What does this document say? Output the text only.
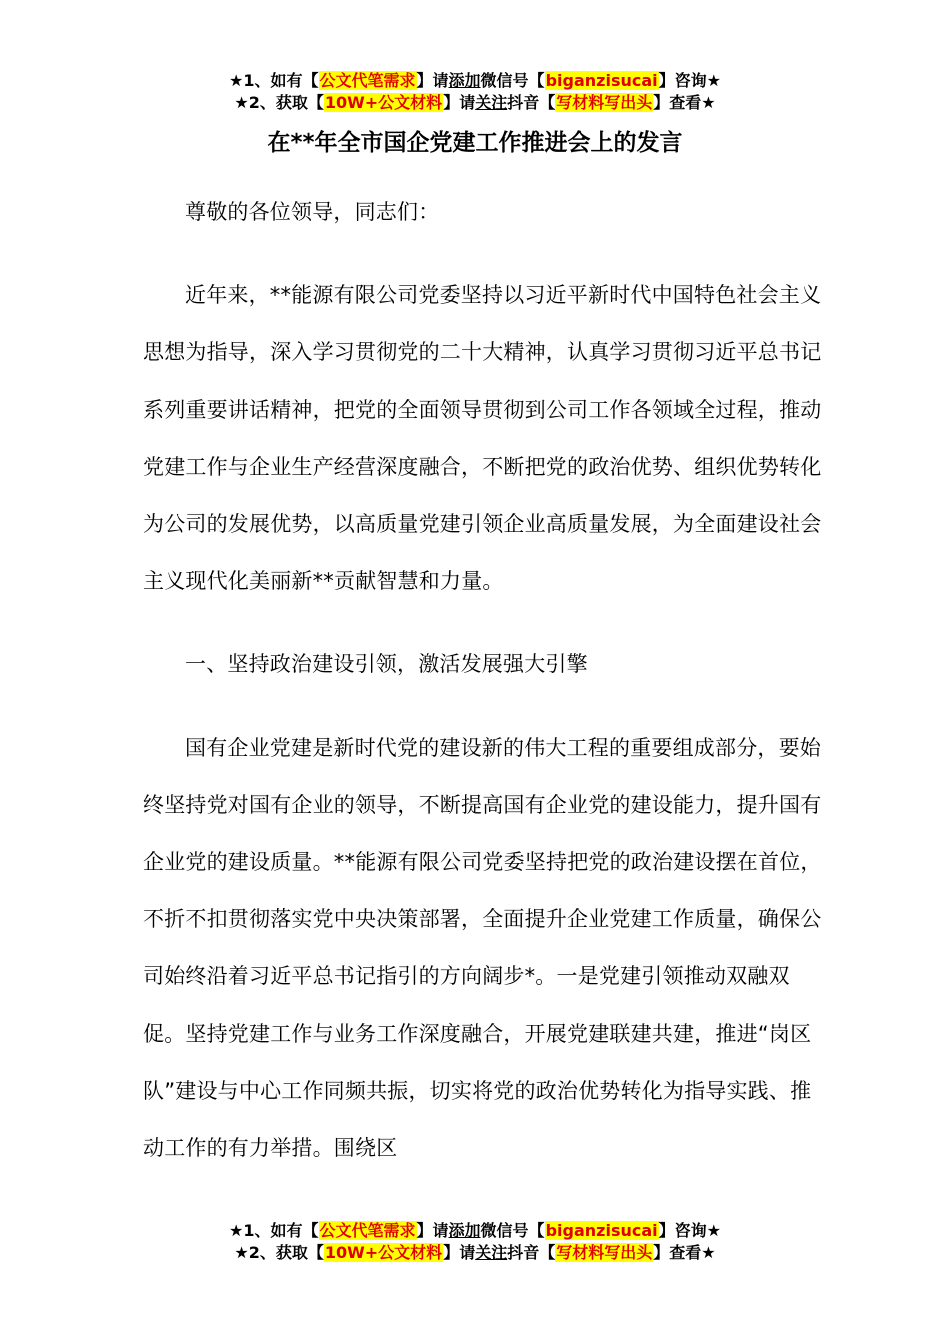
★1、如有【公文代笔需求】请添加微信号【biganzisucai】咨询★
★2、获取【10W+公文材料】请关注抖音【写材料写出头】查看★
在**年全市国企党建工作推进会上的发言

尊敬的各位领导，同志们：

近年来，**能源有限公司党委坚持以习近平新时代中国特色社会主义思想为指导，深入学习贯彻党的二十大精神，认真学习贯彻习近平总书记系列重要讲话精神，把党的全面领导贯彻到公司工作各领域全过程，推动党建工作与企业生产经营深度融合，不断把党的政治优势、组织优势转化为公司的发展优势，以高质量党建引领企业高质量发展，为全面建设社会主义现代化美丽新**贡献智慧和力量。

一、坚持政治建设引领，激活发展强大引擎

国有企业党建是新时代党的建设新的伟大工程的重要组成部分，要始终坚持党对国有企业的领导，不断提高国有企业党的建设能力，提升国有企业党的建设质量。**能源有限公司党委坚持把党的政治建设摆在首位，不折不扣贯彻落实党中央决策部署，全面提升企业党建工作质量，确保公司始终沿着习近平总书记指引的方向阔步*。一是党建引领推动双融双促。坚持党建工作与业务工作深度融合，开展党建联建共建，推进“岗区队”建设与中心工作同频共振，切实将党的政治优势转化为指导实践、推动工作的有力举措。围绕区

★1、如有【公文代笔需求】请添加微信号【biganzisucai】咨询★
★2、获取【10W+公文材料】请关注抖音【写材料写出头】查看★
